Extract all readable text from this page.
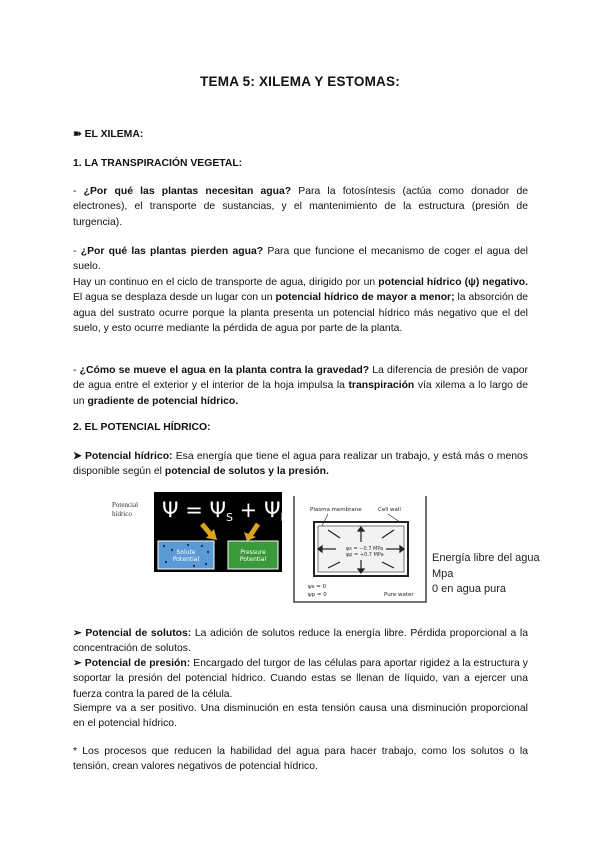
TEMA 5: XILEMA Y ESTOMAS:
➽ EL XILEMA:
1. LA TRANSPIRACIÓN VEGETAL:
- ¿Por qué las plantas necesitan agua? Para la fotosíntesis (actúa como donador de electrones), el transporte de sustancias, y el mantenimiento de la estructura (presión de turgencia).
- ¿Por qué las plantas pierden agua? Para que funcione el mecanismo de coger el agua del suelo.
Hay un continuo en el ciclo de transporte de agua, dirigido por un potencial hídrico (ψ) negativo. El agua se desplaza desde un lugar con un potencial hídrico de mayor a menor; la absorción de agua del sustrato ocurre porque la planta presenta un potencial hídrico más negativo que el del suelo, y esto ocurre mediante la pérdida de agua por parte de la planta.
- ¿Cómo se mueve el agua en la planta contra la gravedad? La diferencia de presión de vapor de agua entre el exterior y el interior de la hoja impulsa la transpiración vía xilema a lo largo de un gradiente de potencial hídrico.
2. EL POTENCIAL HÍDRICO:
➤ Potencial hídrico: Esa energía que tiene el agua para realizar un trabajo, y está más o menos disponible según el potencial de solutos y la presión.
Potencial
hídrico Ψ = ΨS + ΨP
Solute
Potential
Pressure
Potential
Plasma membrane	Cell wall
ψs = −0.7 MPa
ψp = +0.7 MPa
ψs = 0
ψp = 0	Pure water
Energía libre del agua
Mpa
0 en agua pura
➢ Potencial de solutos: La adición de solutos reduce la energía libre. Pérdida proporcional a la concentración de solutos.
➢ Potencial de presión: Encargado del turgor de las células para aportar rigidez a la estructura y soportar la presión del potencial hídrico. Cuando estas se llenan de líquido, van a ejercer una fuerza contra la pared de la célula.
Siempre va a ser positivo. Una disminución en esta tensión causa una disminución proporcional en el potencial hídrico.
* Los procesos que reducen la habilidad del agua para hacer trabajo, como los solutos o la tensión, crean valores negativos de potencial hídrico.
